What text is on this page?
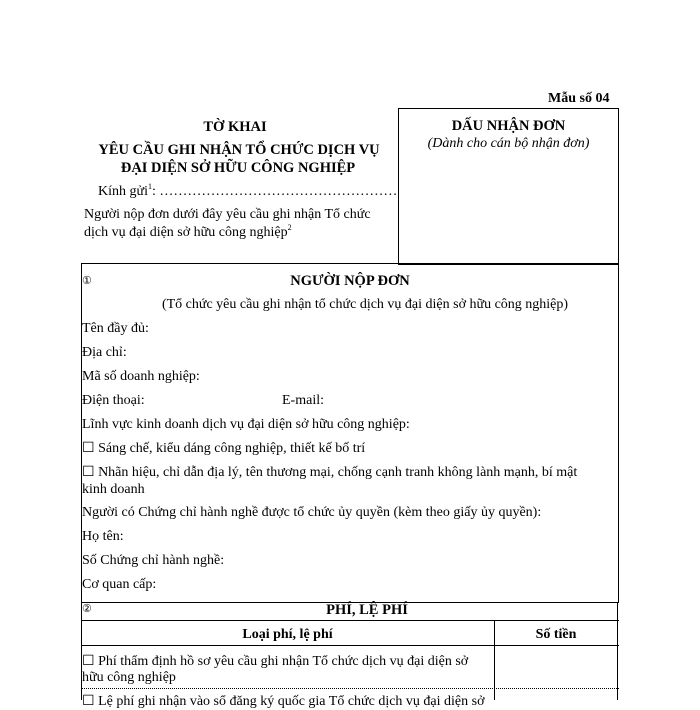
Mẫu số 04
TỜ KHAI
YÊU CẦU GHI NHẬN TỔ CHỨC DỊCH VỤ
ĐẠI DIỆN SỞ HỮU CÔNG NGHIỆP
Kính gửi$^1$: ……………………………………………
Người nộp đơn dưới đây yêu cầu ghi nhận Tổ chức
dịch vụ đại diện sở hữu công nghiệp$^2$
DẤU NHẬN ĐƠN
(Dành cho cán bộ nhận đơn)
①	NGƯỜI NỘP ĐƠN
(Tổ chức yêu cầu ghi nhận tổ chức dịch vụ đại diện sở hữu công nghiệp)
Tên đầy đủ:
Địa chỉ:
Mã số doanh nghiệp:
Điện thoại:	E-mail:
Lĩnh vực kinh doanh dịch vụ đại diện sở hữu công nghiệp:
☐ Sáng chế, kiểu dáng công nghiệp, thiết kế bố trí
☐ Nhãn hiệu, chỉ dẫn địa lý, tên thương mại, chống cạnh tranh không lành mạnh, bí mật
kinh doanh
Người có Chứng chỉ hành nghề được tổ chức ủy quyền (kèm theo giấy ủy quyền):
Họ tên:
Số Chứng chỉ hành nghề:
Cơ quan cấp:
②	PHÍ, LỆ PHÍ
Loại phí, lệ phí	Số tiền
☐ Phí thẩm định hồ sơ yêu cầu ghi nhận Tổ chức dịch vụ đại diện sở
hữu công nghiệp
☐ Lệ phí ghi nhận vào sổ đăng ký quốc gia Tổ chức dịch vụ đại diện sở
